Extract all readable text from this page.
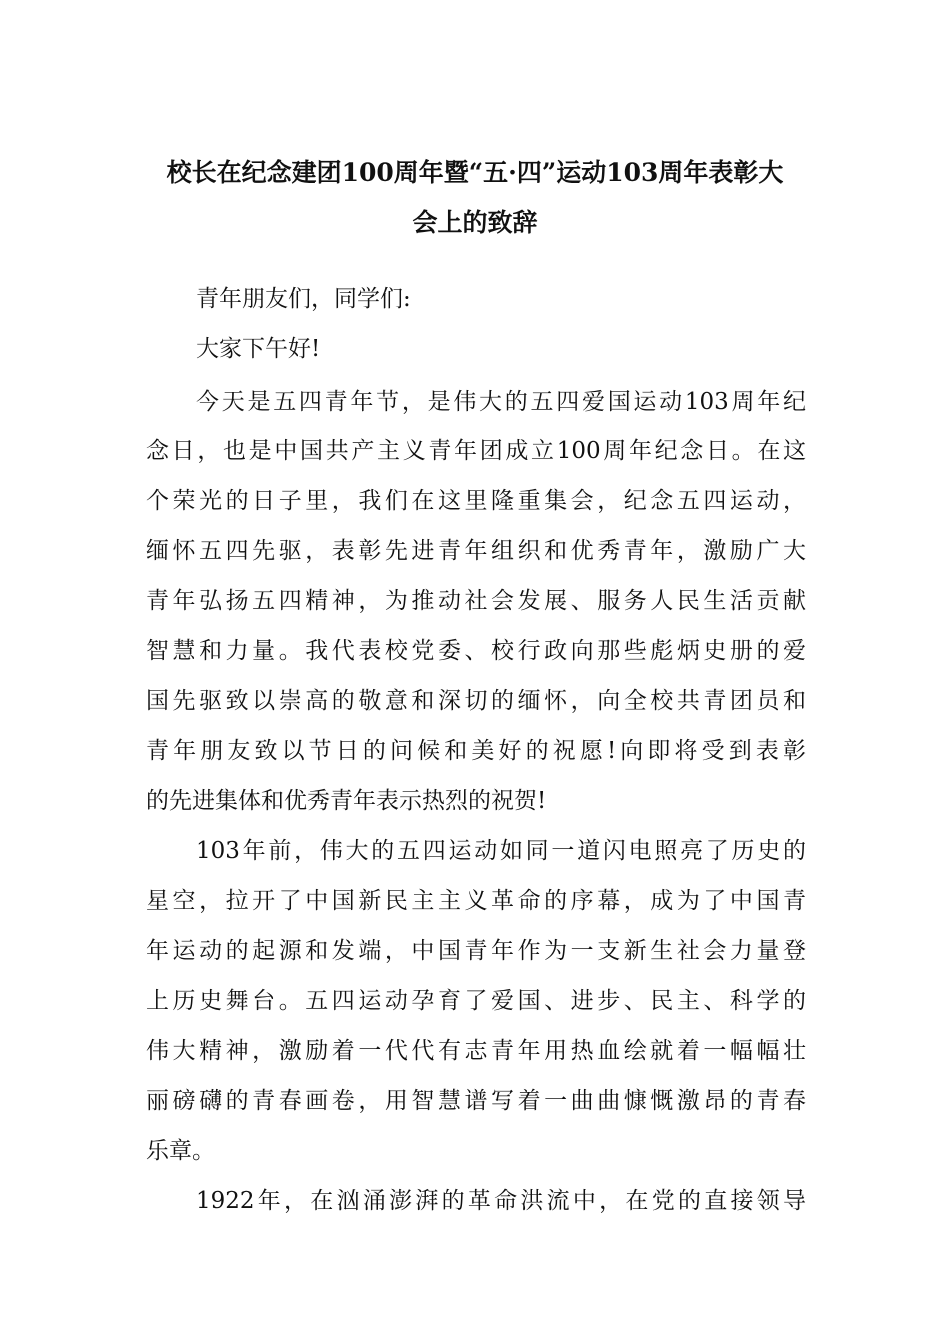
校长在纪念建团100周年暨“五·四”运动103周年表彰大
会上的致辞

青年朋友们，同学们:

大家下午好!

今天是五四青年节，是伟大的五四爱国运动103周年纪

念日，也是中国共产主义青年团成立100周年纪念日。在这

个荣光的日子里，我们在这里隆重集会，纪念五四运动，

缅怀五四先驱，表彰先进青年组织和优秀青年，激励广大

青年弘扬五四精神，为推动社会发展、服务人民生活贡献

智慧和力量。我代表校党委、校行政向那些彪炳史册的爱

国先驱致以崇高的敬意和深切的缅怀，向全校共青团员和

青年朋友致以节日的问候和美好的祝愿!向即将受到表彰

的先进集体和优秀青年表示热烈的祝贺!

103年前，伟大的五四运动如同一道闪电照亮了历史的

星空，拉开了中国新民主主义革命的序幕，成为了中国青

年运动的起源和发端，中国青年作为一支新生社会力量登

上历史舞台。五四运动孕育了爱国、进步、民主、科学的

伟大精神，激励着一代代有志青年用热血绘就着一幅幅壮

丽磅礴的青春画卷，用智慧谱写着一曲曲慷慨激昂的青春

乐章。

1922年，在汹涌澎湃的革命洪流中，在党的直接领导
